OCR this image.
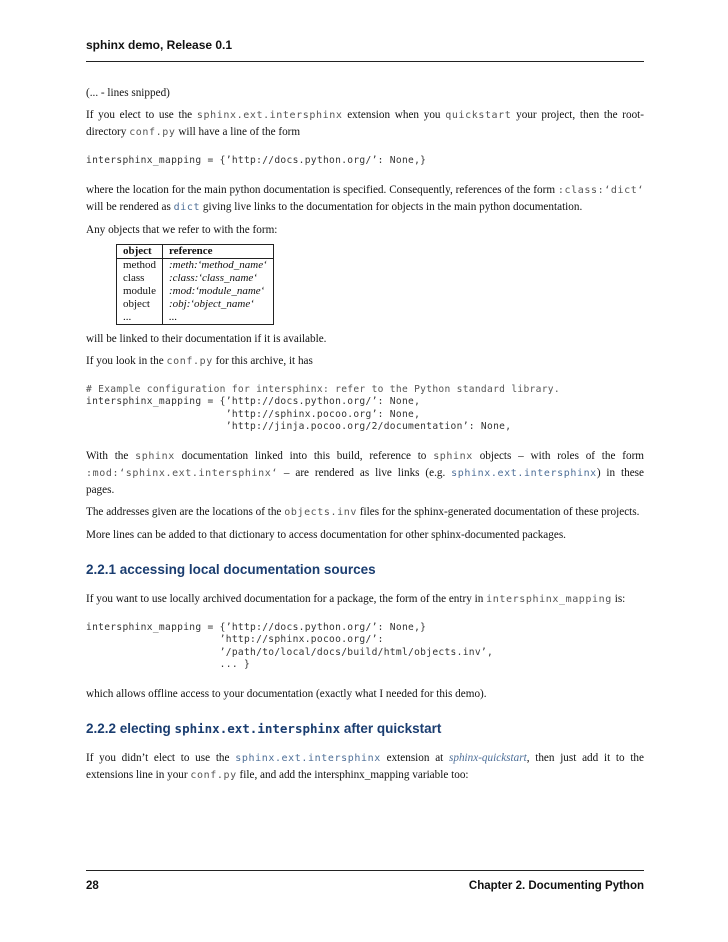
sphinx demo, Release 0.1

(... - lines snipped)

If you elect to use the sphinx.ext.intersphinx extension when you quickstart your project, then the root-directory conf.py will have a line of the form

intersphinx_mapping = {’http://docs.python.org/’: None,}

where the location for the main python documentation is specified. Consequently, references of the form :class:‘dict‘ will be rendered as dict giving live links to the documentation for objects in the main python documentation.

Any objects that we refer to with the form:

object	reference
method	:meth:‘method_name‘
class	:class:‘class_name‘
module	:mod:‘module_name‘
object	:obj:‘object_name‘
...	...

will be linked to their documentation if it is available.

If you look in the conf.py for this archive, it has

# Example configuration for intersphinx: refer to the Python standard library.
intersphinx_mapping = {’http://docs.python.org/’: None,
’http://sphinx.pocoo.org’: None,
’http://jinja.pocoo.org/2/documentation’: None,

With the sphinx documentation linked into this build, reference to sphinx objects – with roles of the form :mod:‘sphinx.ext.intersphinx‘ – are rendered as live links (e.g. sphinx.ext.intersphinx) in these pages.

The addresses given are the locations of the objects.inv files for the sphinx-generated documentation of these projects.

More lines can be added to that dictionary to access documentation for other sphinx-documented packages.

2.2.1 accessing local documentation sources

If you want to use locally archived documentation for a package, the form of the entry in intersphinx_mapping is:

intersphinx_mapping = {’http://docs.python.org/’: None,}
’http://sphinx.pocoo.org/’:
’/path/to/local/docs/build/html/objects.inv’,
... }

which allows offline access to your documentation (exactly what I needed for this demo).

2.2.2 electing sphinx.ext.intersphinx after quickstart

If you didn’t elect to use the sphinx.ext.intersphinx extension at sphinx-quickstart, then just add it to the extensions line in your conf.py file, and add the intersphinx_mapping variable too:

28	Chapter 2. Documenting Python
